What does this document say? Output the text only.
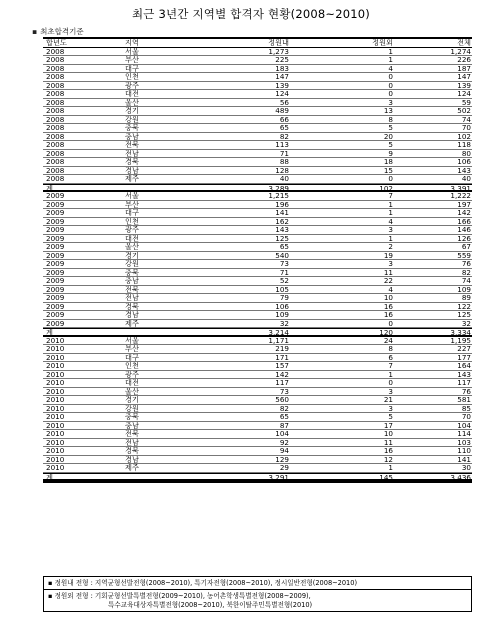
최근 3년간 지역별 합격자 현황(2008~2010)
▪ 최초합격기준
합년도	지역	정원내	정원외	전체
2008	서울	1,273	1	1,274
2008	부산	225	1	226
2008	대구	183	4	187
2008	인천	147	0	147
2008	광주	139	0	139
2008	대전	124	0	124
2008	울산	56	3	59
2008	경기	489	13	502
2008	강원	66	8	74
2008	충북	65	5	70
2008	충남	82	20	102
2008	전북	113	5	118
2008	전남	71	9	80
2008	경북	88	18	106
2008	경남	128	15	143
2008	제주	40	0	40
계	3,289	102	3,391
2009	서울	1,215	7	1,222
2009	부산	196	1	197
2009	대구	141	1	142
2009	인천	162	4	166
2009	광주	143	3	146
2009	대전	125	1	126
2009	울산	65	2	67
2009	경기	540	19	559
2009	강원	73	3	76
2009	충북	71	11	82
2009	충남	52	22	74
2009	전북	105	4	109
2009	전남	79	10	89
2009	경북	106	16	122
2009	경남	109	16	125
2009	제주	32	0	32
계	3,214	120	3,334
2010	서울	1,171	24	1,195
2010	부산	219	8	227
2010	대구	171	6	177
2010	인천	157	7	164
2010	광주	142	1	143
2010	대전	117	0	117
2010	울산	73	3	76
2010	경기	560	21	581
2010	강원	82	3	85
2010	충북	65	5	70
2010	충남	87	17	104
2010	전북	104	10	114
2010	전남	92	11	103
2010	경북	94	16	110
2010	경남	129	12	141
2010	제주	29	1	30
계	3,291	145	3,436
▪ 정원내 전형 : 지역균형선발전형(2008~2010), 특기자전형(2008~2010), 정시일반전형(2008~2010)
▪ 정원외 전형 : 기회균형선발특별전형(2009~2010), 농어촌학생특별전형(2008~2009),
특수교육대상자특별전형(2008~2010), 북한이탈주민특별전형(2010)
